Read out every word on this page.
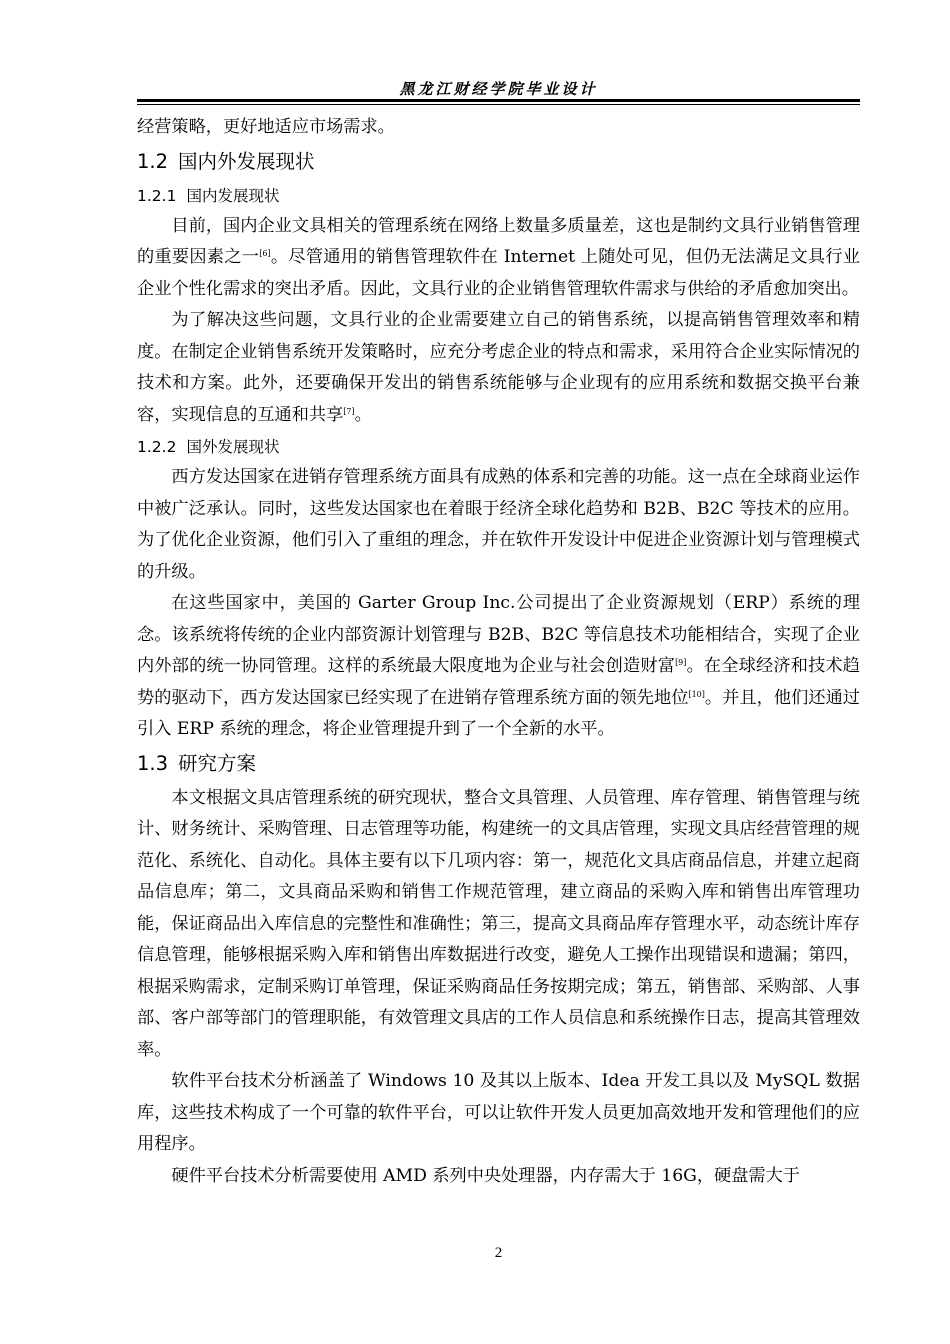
黑龙江财经学院毕业设计

经营策略，更好地适应市场需求。

1.2 国内外发展现状
1.2.1 国内发展现状

目前，国内企业文具相关的管理系统在网络上数量多质量差，这也是制约文具行业销售管理的重要因素之一[6]。尽管通用的销售管理软件在 Internet 上随处可见，但仍无法满足文具行业企业个性化需求的突出矛盾。因此，文具行业的企业销售管理软件需求与供给的矛盾愈加突出。

为了解决这些问题，文具行业的企业需要建立自己的销售系统，以提高销售管理效率和精度。在制定企业销售系统开发策略时，应充分考虑企业的特点和需求，采用符合企业实际情况的技术和方案。此外，还要确保开发出的销售系统能够与企业现有的应用系统和数据交换平台兼容，实现信息的互通和共享[7]。

1.2.2 国外发展现状

西方发达国家在进销存管理系统方面具有成熟的体系和完善的功能。这一点在全球商业运作中被广泛承认。同时，这些发达国家也在着眼于经济全球化趋势和 B2B、B2C 等技术的应用。为了优化企业资源，他们引入了重组的理念，并在软件开发设计中促进企业资源计划与管理模式的升级。

在这些国家中，美国的 Garter Group Inc.公司提出了企业资源规划（ERP）系统的理念。该系统将传统的企业内部资源计划管理与 B2B、B2C 等信息技术功能相结合，实现了企业内外部的统一协同管理。这样的系统最大限度地为企业与社会创造财富[9]。在全球经济和技术趋势的驱动下，西方发达国家已经实现了在进销存管理系统方面的领先地位[10]。并且，他们还通过引入 ERP 系统的理念，将企业管理提升到了一个全新的水平。

1.3 研究方案

本文根据文具店管理系统的研究现状，整合文具管理、人员管理、库存管理、销售管理与统计、财务统计、采购管理、日志管理等功能，构建统一的文具店管理，实现文具店经营管理的规范化、系统化、自动化。具体主要有以下几项内容：第一，规范化文具店商品信息，并建立起商品信息库；第二，文具商品采购和销售工作规范管理，建立商品的采购入库和销售出库管理功能，保证商品出入库信息的完整性和准确性；第三，提高文具商品库存管理水平，动态统计库存信息管理，能够根据采购入库和销售出库数据进行改变，避免人工操作出现错误和遗漏；第四，根据采购需求，定制采购订单管理，保证采购商品任务按期完成；第五，销售部、采购部、人事部、客户部等部门的管理职能，有效管理文具店的工作人员信息和系统操作日志，提高其管理效率。

软件平台技术分析涵盖了 Windows 10 及其以上版本、Idea 开发工具以及 MySQL 数据库，这些技术构成了一个可靠的软件平台，可以让软件开发人员更加高效地开发和管理他们的应用程序。

硬件平台技术分析需要使用 AMD 系列中央处理器，内存需大于 16G，硬盘需大于

2
